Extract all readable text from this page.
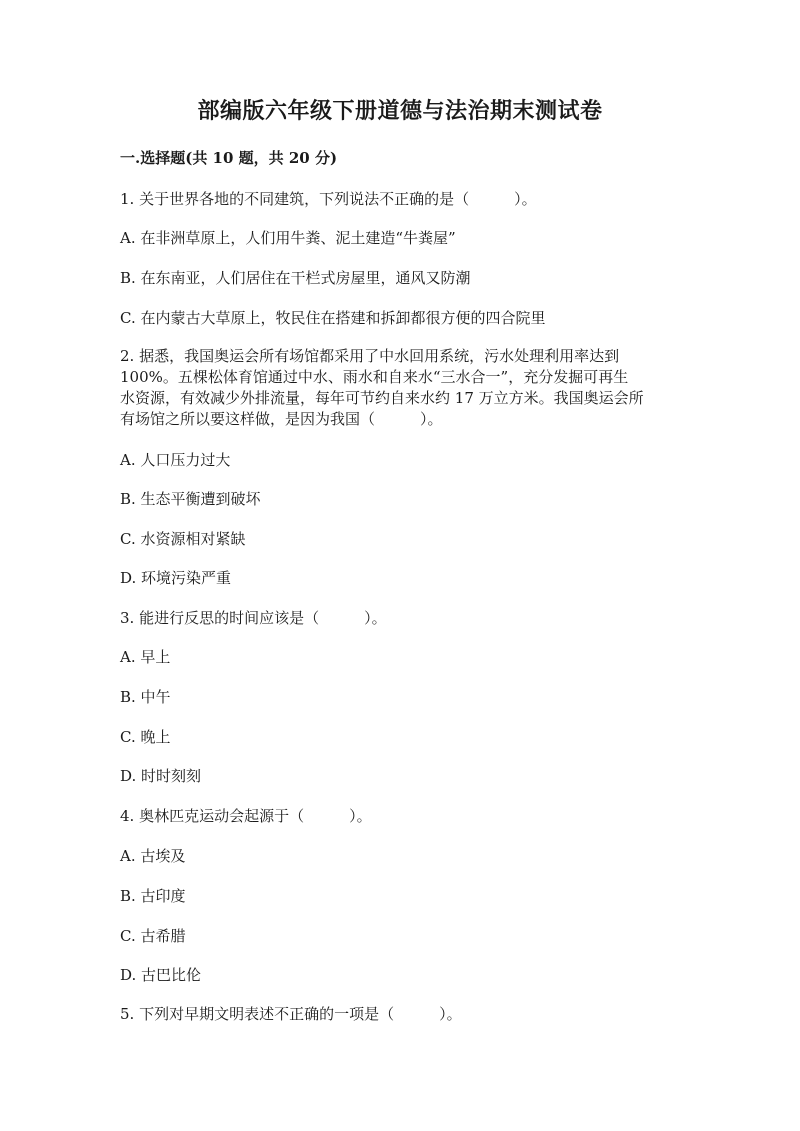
部编版六年级下册道德与法治期末测试卷

一.选择题(共 10 题，共 20 分)

1. 关于世界各地的不同建筑，下列说法不正确的是（　　　）。

A. 在非洲草原上，人们用牛粪、泥土建造“牛粪屋”

B. 在东南亚，人们居住在干栏式房屋里，通风又防潮

C. 在内蒙古大草原上，牧民住在搭建和拆卸都很方便的四合院里

2. 据悉，我国奥运会所有场馆都采用了中水回用系统，污水处理利用率达到
100%。五棵松体育馆通过中水、雨水和自来水“三水合一”，充分发掘可再生
水资源，有效减少外排流量，每年可节约自来水约 17 万立方米。我国奥运会所
有场馆之所以要这样做，是因为我国（　　　）。

A. 人口压力过大

B. 生态平衡遭到破坏

C. 水资源相对紧缺

D. 环境污染严重

3. 能进行反思的时间应该是（　　　）。

A. 早上

B. 中午

C. 晚上

D. 时时刻刻

4. 奥林匹克运动会起源于（　　　）。

A. 古埃及

B. 古印度

C. 古希腊

D. 古巴比伦

5. 下列对早期文明表述不正确的一项是（　　　）。
